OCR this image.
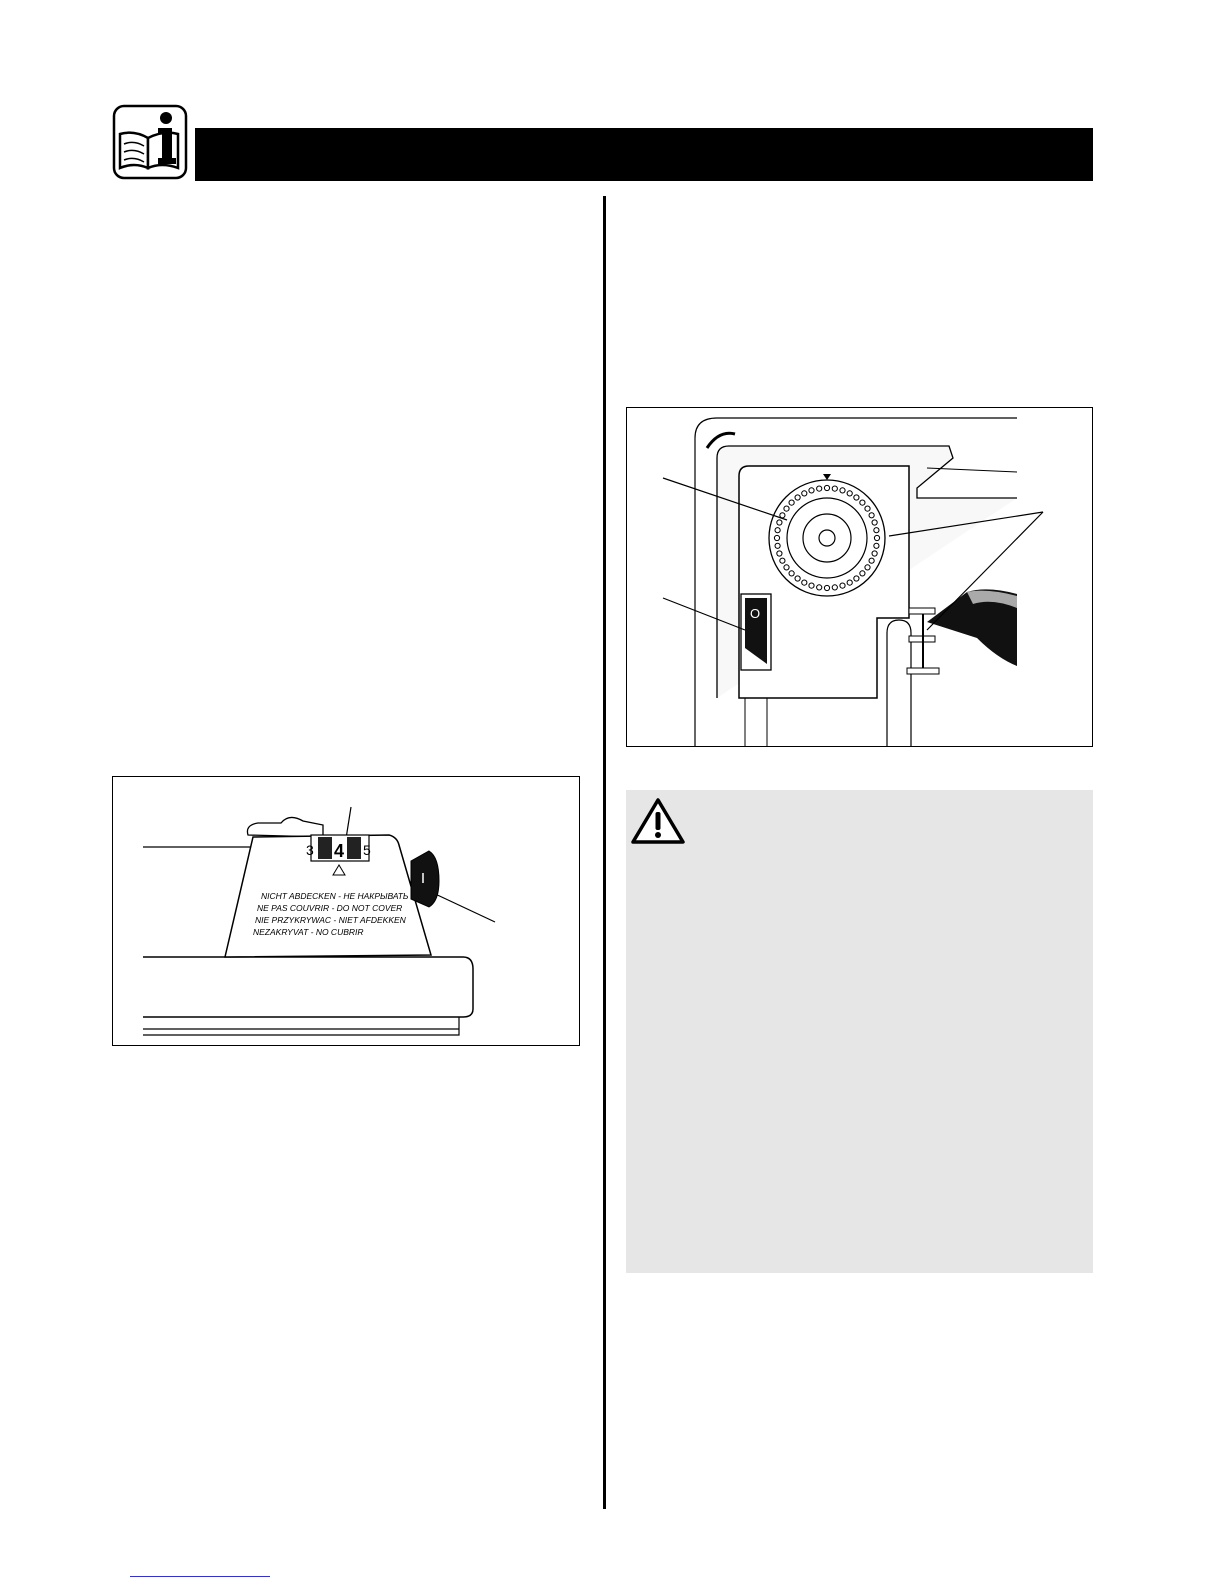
3 4 5
NICHT ABDECKEN - НЕ НАКРЫВАТЬ
NE PAS COUVRIR - DO NOT COVER
NIE PRZYKRYWAC - NIET AFDEKKEN
NEZAKRYVAT - NO CUBRIR
O
